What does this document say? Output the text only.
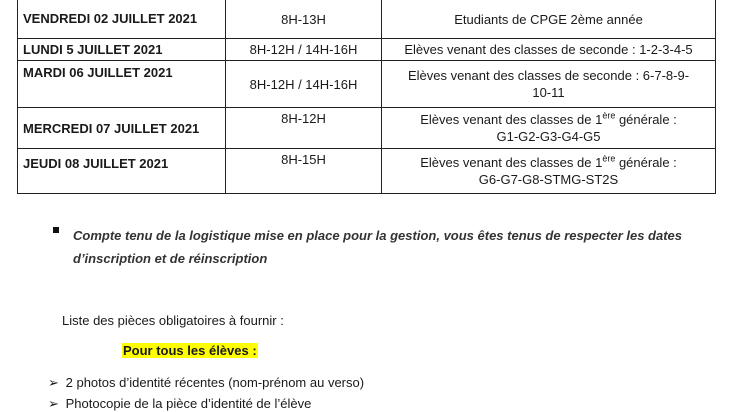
VENDREDI 02 JUILLET 2021	8H-13H	Etudiants de CPGE 2ème année

LUNDI 5 JUILLET 2021	8H-12H / 14H-16H	Elèves venant des classes de seconde : 1-2-3-4-5

MARDI 06 JUILLET 2021	8H-12H / 14H-16H	Elèves venant des classes de seconde : 6-7-8-9-
10-11

MERCREDI 07 JUILLET 2021	8H-12H	Elèves venant des classes de 1ère générale :
G1-G2-G3-G4-G5

JEUDI 08 JUILLET 2021	8H-15H	Elèves venant des classes de 1ère générale :
G6-G7-G8-STMG-ST2S
Compte tenu de la logistique mise en place pour la gestion, vous êtes tenus de respecter les dates d’inscription et de réinscription
Liste des pièces obligatoires à fournir :
Pour tous les élèves :
➢ 2 photos d’identité récentes (nom-prénom au verso)
➢ Photocopie de la pièce d’identité de l’élève
